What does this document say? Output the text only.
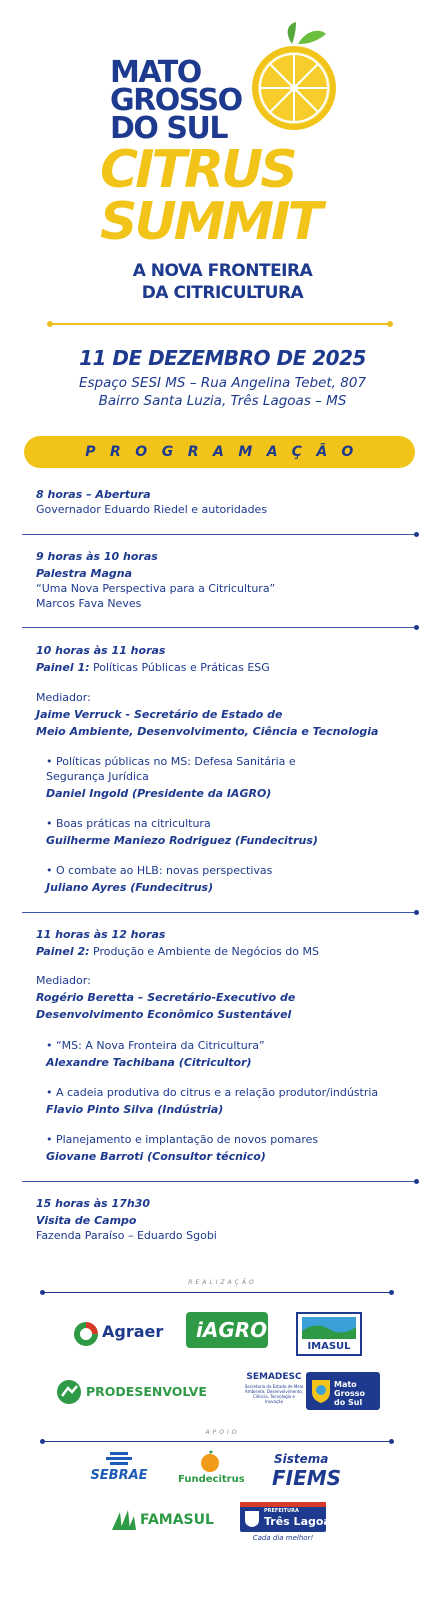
MATO
GROSSO
DO SUL
CITRUS
SUMMIT
A NOVA FRONTEIRA
DA CITRICULTURA
11 DE DEZEMBRO DE 2025
Espaço SESI MS – Rua Angelina Tebet, 807
Bairro Santa Luzia, Três Lagoas – MS
PROGRAMAÇÃO
8 horas – Abertura
Governador Eduardo Riedel e autoridades
9 horas às 10 horas
Palestra Magna
“Uma Nova Perspectiva para a Citricultura”
Marcos Fava Neves
10 horas às 11 horas
Painel 1: Políticas Públicas e Práticas ESG
Mediador:
Jaime Verruck - Secretário de Estado de
Meio Ambiente, Desenvolvimento, Ciência e Tecnologia
• Políticas públicas no MS: Defesa Sanitária e
Segurança Jurídica
Daniel Ingold (Presidente da IAGRO)
• Boas práticas na citricultura
Guilherme Maniezo Rodriguez (Fundecitrus)
• O combate ao HLB: novas perspectivas
Juliano Ayres (Fundecitrus)
11 horas às 12 horas
Painel 2: Produção e Ambiente de Negócios do MS
Mediador:
Rogério Beretta – Secretário-Executivo de
Desenvolvimento Econômico Sustentável
• “MS: A Nova Fronteira da Citricultura”
Alexandre Tachibana (Citricultor)
• A cadeia produtiva do citrus e a relação produtor/indústria
Flavio Pinto Silva (Indústria)
• Planejamento e implantação de novos pomares
Giovane Barroti (Consultor técnico)
15 horas às 17h30
Visita de Campo
Fazenda Paraíso – Eduardo Sgobi
REALIZAÇÃO
Agraer iAGRO
IMASUL
PRODESENVOLVE
SEMADESC
Secretaria de Estado de Meio Ambiente, Desenvolvimento, Ciência, Tecnologia e Inovação
Mato Grosso do Sul
APOIO
SEBRAE	Fundecitrus
Sistema
FIEMS
FAMASUL
PREFEITURA
Três Lagoas
Cada dia melhor!
